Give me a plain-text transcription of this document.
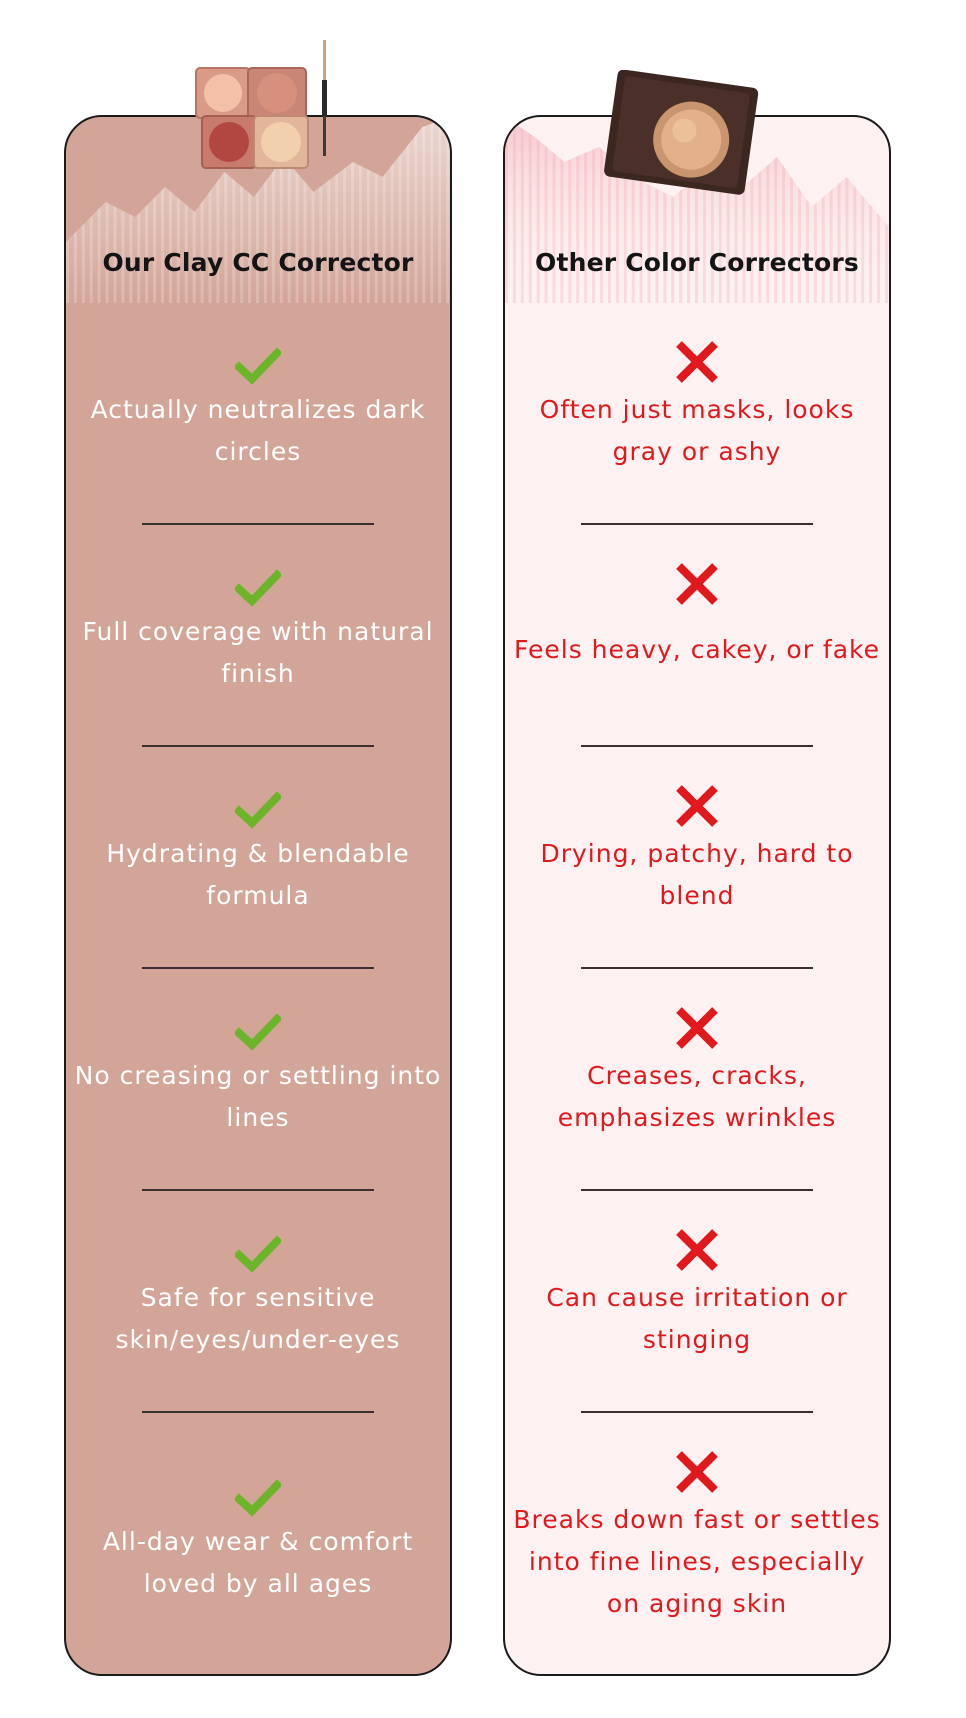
Our Clay CC Corrector
Actually neutralizes dark circles
Full coverage with natural finish
Hydrating & blendable formula
No creasing or settling into lines
Safe for sensitive skin/eyes/under-eyes
All-day wear & comfort loved by all ages
Other Color Correctors
Often just masks, looks gray or ashy
Feels heavy, cakey, or fake
Drying, patchy, hard to blend
Creases, cracks, emphasizes wrinkles
Can cause irritation or stinging
Breaks down fast or settles into fine lines, especially on aging skin
